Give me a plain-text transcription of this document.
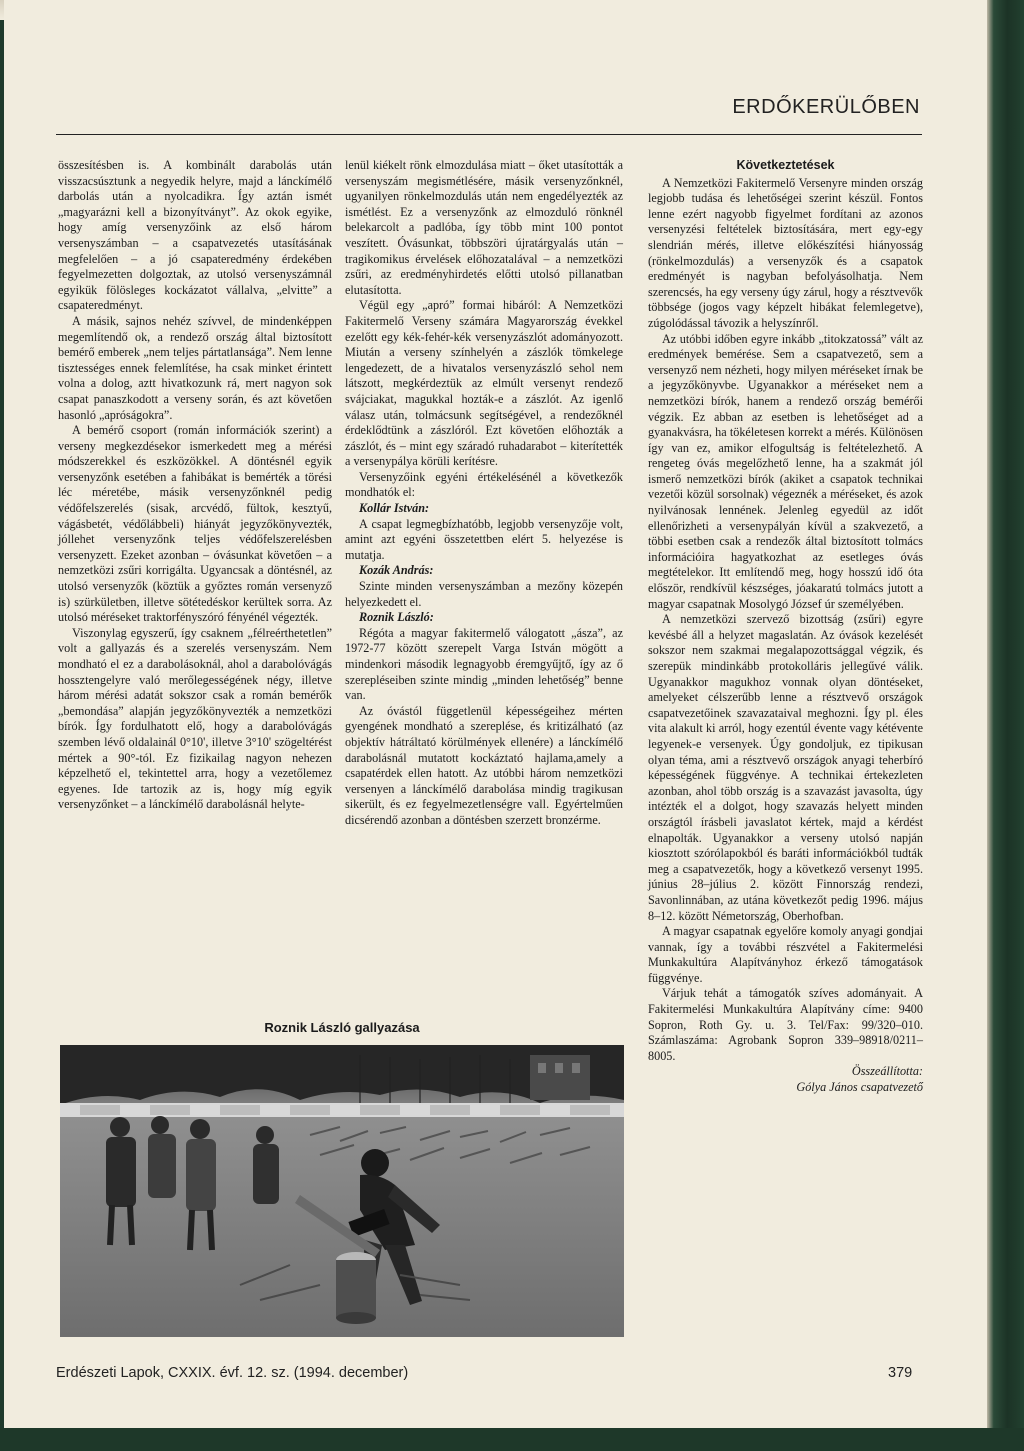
ERDŐKERÜLŐBEN

összesítésben is. A kombinált darabolás után visszacsúsztunk a negyedik helyre, majd a lánckímélő darbolás után a nyolcadikra. Így aztán ismét „magyarázni kell a bizonyítványt”. Az okok egyike, hogy amíg versenyzőink az első három versenyszámban – a csapatvezetés utasításának megfelelően – a jó csapateredmény érdekében fegyelmezetten dolgoztak, az utolsó versenyszámnál egyikük fölösleges kockázatot vállalva, „elvitte” a csapateredményt.

A másik, sajnos nehéz szívvel, de mindenképpen megemlítendő ok, a rendező ország által biztosított bemérő emberek „nem teljes pártatlansága”. Nem lenne tisztességes ennek felemlítése, ha csak minket érintett volna a dolog, aztt hivatkozunk rá, mert nagyon sok csapat panaszkodott a verseny során, és azt követően hasonló „apróságokra”.

A bemérő csoport (román információk szerint) a verseny megkezdésekor ismerkedett meg a mérési módszerekkel és eszközökkel. A döntésnél egyik versenyzőnk esetében a fahibákat is bemérték a törési léc méretébe, másik versenyzőnknél pedig védőfelszerelés (sisak, arcvédő, fültok, kesztyű, vágásbetét, védőlábbeli) hiányát jegyzőkönyvezték, jóllehet versenyzőnk teljes védőfelszerelésben versenyzett. Ezeket azonban – óvásunkat követően – a nemzetközi zsűri korrigálta. Ugyancsak a döntésnél, az utolsó versenyzők (köztük a győztes román versenyző is) szürkületben, illetve sötétedéskor kerültek sorra. Az utolsó méréseket traktorfényszóró fényénél végezték.

Viszonylag egyszerű, így csaknem „félreérthetetlen” volt a gallyazás és a szerelés versenyszám. Nem mondható el ez a darabolásoknál, ahol a darabolóvágás hossztengelyre való merőlegességének négy, illetve három mérési adatát sokszor csak a román bemérők „bemondása” alapján jegyzőkönyvezték a nemzetközi bírók. Így fordulhatott elő, hogy a darabolóvágás szemben lévő oldalainál 0°10', illetve 3°10' szögeltérést mértek a 90°-tól. Ez fizikailag nagyon nehezen képzelhető el, tekintettel arra, hogy a vezetőlemez egyenes. Ide tartozik az is, hogy míg egyik versenyzőnket – a lánckímélő darabolásnál helyte-

lenül kiékelt rönk elmozdulása miatt – őket utasították a versenyszám megismétlésére, másik versenyzőnknél, ugyanilyen rönkelmozdulás után nem engedélyezték az ismétlést. Ez a versenyzőnk az elmozduló rönknél belekarcolt a padlóba, így több mint 100 pontot veszített. Óvásunkat, többszöri újratárgyalás után – tragikomikus érvelések előhozatalával – a nemzetközi zsűri, az eredményhirdetés előtti utolsó pillanatban elutasította.

Végül egy „apró” formai hibáról: A Nemzetközi Fakitermelő Verseny számára Magyarország évekkel ezelőtt egy kék-fehér-kék versenyzászlót adományozott. Miután a verseny színhelyén a zászlók tömkelege lengedezett, de a hivatalos versenyzászló sehol nem látszott, megkérdeztük az elmúlt versenyt rendező svájciakat, magukkal hozták-e a zászlót. Az igenlő válasz után, tolmácsunk segítségével, a rendezőknél érdeklődtünk a zászlóról. Ezt követően előhozták a zászlót, és – mint egy száradó ruhadarabot – kiterítették a versenypálya körüli kerítésre.

Versenyzőink egyéni értékelésénél a következők mondhatók el:

Kollár István:

A csapat legmegbízhatóbb, legjobb versenyzője volt, amint azt egyéni összetettben elért 5. helyezése is mutatja.

Kozák András:

Szinte minden versenyszámban a mezőny közepén helyezkedett el.

Roznik László:

Régóta a magyar fakitermelő válogatott „ásza”, az 1972-77 között szerepelt Varga István mögött a mindenkori második legnagyobb éremgyűjtő, így az ő szerepléseiben szinte mindig „minden lehetőség” benne van.

Az óvástól függetlenül képességeihez mérten gyengének mondható a szereplése, és kritizálható (az objektív hátráltató körülmények ellenére) a lánckímélő darabolásnál mutatott kockáztató hajlama,amely a csapatérdek ellen hatott. Az utóbbi három nemzetközi versenyen a lánckímélő darabolása mindig tragikusan sikerült, és ez fegyelmezetlenségre vall. Egyértelműen dicsérendő azonban a döntésben szerzett bronzérme.

Következtetések

A Nemzetközi Fakitermelő Versenyre minden ország legjobb tudása és lehetőségei szerint készül. Fontos lenne ezért nagyobb figyelmet fordítani az azonos versenyzési feltételek biztosítására, mert egy-egy slendrián mérés, illetve előkészítési hiányosság (rönkelmozdulás) a versenyzők és a csapatok eredményét is nagyban befolyásolhatja. Nem szerencsés, ha egy verseny úgy zárul, hogy a résztvevők többsége (jogos vagy képzelt hibákat felemlegetve), zúgolódással távozik a helyszínről.

Az utóbbi időben egyre inkább „titokzatossá” vált az eredmények bemérése. Sem a csapatvezető, sem a versenyző nem nézheti, hogy milyen méréseket írnak be a jegyzőkönyvbe. Ugyanakkor a méréseket nem a nemzetközi bírók, hanem a rendező ország bemérői végzik. Ez abban az esetben is lehetőséget ad a gyanakvásra, ha tökéletesen korrekt a mérés. Különösen így van ez, amikor elfogultság is feltételezhető. A rengeteg óvás megelőzhető lenne, ha a szakmát jól ismerő nemzetközi bírók (akiket a csapatok technikai vezetői közül sorsolnak) végeznék a méréseket, és azok nyilvánosak lennének. Jelenleg egyedül az időt ellenőrizheti a versenypályán kívül a szakvezető, a többi esetben csak a rendezők által biztosított tolmács információira hagyatkozhat az esetleges óvás megtételekor. Itt említendő meg, hogy hosszú idő óta először, rendkívül készséges, jóakaratú tolmács jutott a magyar csapatnak Mosolygó József úr személyében.

A nemzetközi szervező bizottság (zsűri) egyre kevésbé áll a helyzet magaslatán. Az óvások kezelését sokszor nem szakmai megalapozottsággal végzik, és szerepük mindinkább protokolláris jellegűvé válik. Ugyanakkor magukhoz vonnak olyan döntéseket, amelyeket célszerűbb lenne a résztvevő országok csapatvezetőinek szavazataival meghozni. Így pl. éles vita alakult ki arról, hogy ezentúl évente vagy kétévente legyenek-e versenyek. Úgy gondoljuk, ez tipikusan olyan téma, ami a résztvevő országok anyagi teherbíró képességének függvénye. A technikai értekezleten azonban, ahol több ország is a szavazást javasolta, úgy intézték el a dolgot, hogy szavazás helyett minden országtól írásbeli javaslatot kértek, majd a kérdést elnapolták. Ugyanakkor a verseny utolsó napján kiosztott szórólapokból és baráti információkból tudták meg a csapatvezetők, hogy a következő versenyt 1995. június 28–július 2. között Finnország rendezi, Savonlinnában, az utána következőt pedig 1996. május 8–12. között Németország, Oberhofban.

A magyar csapatnak egyelőre komoly anyagi gondjai vannak, így a további részvétel a Fakitermelési Munkakultúra Alapítványhoz érkező támogatások függvénye.

Várjuk tehát a támogatók szíves adományait. A Fakitermelési Munkakultúra Alapítvány címe: 9400 Sopron, Roth Gy. u. 3. Tel/Fax: 99/320–010. Számlaszáma: Agrobank Sopron 339–98918/0211–8005.

Összeállította:

Gólya János csapatvezető

Roznik László gallyazása
Erdészeti Lapok, CXXIX. évf. 12. sz. (1994. december)	379
